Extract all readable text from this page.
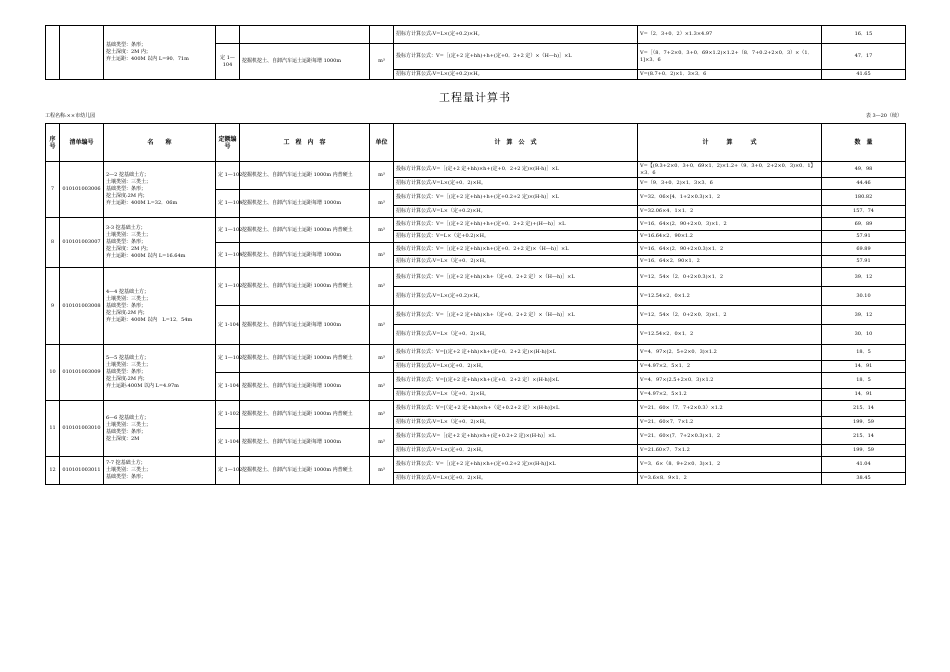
		基础类型：条形；
挖土深度：2M 内；
弃土运距：400M 以内 L=90．71m				招标方计算公式:V=L×(定+0.2)×H。	V=（2．3+0．2）×1.3×4.97	16．15
			定 1—104	挖掘机挖土、自卸汽车运土运距每增 1000m	m³	投标方计算公式：V=［(定+2 定+hh)+h+(定+0．2+2 定）×（H—h)］×L	V=［（8．7+2×0．3+0．69×1.2)×1.2+（8．7+0.2+2×0．3）×（1．1]×3．6	47．17
						招标方计算公式:V=L×(定+0.2)×H。	V=(8.7+0．2)×1．3×3．6	41.65
工程量计算书
工程名称:××市幼儿园	表 3—20（续）
序号	清单编号	名　　称	定额编号	工　程　内　容	单位	计　算　公　式	计　　　算　　　式	数　量
7	010101003006	2—2 挖基础土方；
土壤类别：三类土；
基础类型：条形；
挖土深度:2M 内；
弃土运距：400M L=32．06m	定 1—102	挖掘机挖土、自卸汽车运土运距 1000m 内普硬土	m³	投标方计算公式:V=［(定+2 定+hh)×h+(定+0．2+2 定)×(H-h)］×L	V=【(9.3+2×0．3+0．69×1．2)×1.2+（9．3+0．2+2×0．3)×0．1】×3．6	49．98
						招标方计算公式:V=L×(定+0．2)×H。	V=（9．3+0．2)×1．3×3．6	44.46
			定 1—104	挖掘机挖土、自卸汽车运土运距每增 1000m	m³	投标方计算公式：V=［(定+2 定+hh)+h+(定+0.2+2 定)×(H-h)］×L	V=32．06×[4．1+2×0.3)×1．2	180.82
						招标方计算公式:V=L×（定+0.2)×H。	V=32.06×4．1×1．2	157．74
8	010101003007	3-3 挖基础土方；
土壤类别：三类土；
基础类型：条形；
挖土深度：2M 内；
弃土运距：400M 以内 L=16.64m	定 1—102	挖掘机挖土、自卸汽车运土运距 1000m 内普硬土	m³	投标方计算公式：V=［(定+2 定+hh)+h+(定+0．2+2 定)+(H—h)］×L	V=16．64×(2．90+2×0．3)×1．2	69．89
						招标方计算公式：V=L×（定+0.2)×H。	V=16.64×2．90×1.2	57.91
			定 1—104	挖掘机挖土、自卸汽车运土运距每增 1000m	m³	投标方计算公式：V=［(定+2 定+hh)×h+(定+0．2+2 定)×（H—h)］×L	V=16．64×(2．90+2×0.3)×1．2	69.89
						招标方计算公式:V=L×（定+0．2)×H。	V=16．64×2．90×1．2	57.91
9	010101003008	4—4 挖基础土方；
土壤类别：三类土；
基础类型：条形；
挖土深度:2M 内；
弃土运距：400M 以内　L=12．54m	定 1—102	挖掘机挖土、自卸汽车运土运距 1000m 内普硬土	m³	投标方计算公式：V=［(定+2 定+hh)×h+（定+0．2+2 定）×（H—h)］×L	V=12．54×（2．0+2×0.3)×1．2	39．12
						招标方计算公式:V=L×(定+0.2)×H。	V=12.54×2．0×1.2	30.10
			定 1-104	挖掘机挖土、自卸汽车运土运距每增 1000m	m³	投标方计算公式：V=［(定+2 定+hh)×h+（定+0．2+2 定）×（H—h)］×L	V=12．54×（2．0+2×0．3)×1．2	39．12
						招标方计算公式:V=L×（定+0．2)×H。	V=12.54×2．0×1．2	30．10
10	010101003009	5—5 挖基础土方；
土壤类别：三类土；
基础类型：条形；
挖土深度:2M 内；
弃土运距:400M 以内 L=4.97m	定 1—102	挖掘机挖土、自卸汽车运土运距 1000m 内普硬土	m³	投标方计算公式：V=[(定+2 定+hh)×h+(定+0．2+2 定)×(H-h)]×L	V=4．97×(2．5+2×0．3)×1.2	18．5
						招标方计算公式:V=L×(定+0．2)×H。	V=4.97×2．5×1．2	14．91
			定 1-104	挖掘机挖土、自卸汽车运土运距每增 1000m	m³	投标方计算公式：V=[(定+2 定+hh)×h+(定+0．2+2 定）×(H-h)]×L	V=4．97×(2.5+2×0．3)×1.2	18．5
						招标方计算公式:V=L×（定+0．2)×H。	V=4.97×2．5×1.2	14．91
11	010101003010	6—6 挖基础土方；
土壤类别：三类土；
基础类型：条形；
挖土深度：2M	定 1-102	挖掘机挖土、自卸汽车运土运距 1000m 内普硬土	m³	投标方计算公式：V=[（定+2 定+hh)×h+（定+0.2+2 定）×(H-h)]×L	V=21．60×（7．7+2×0.3）×1.2	215．14
						招标方计算公式:V=L×（定+0．2)×H。	V=21．60×7．7×1.2	199．59
			定 1-104	挖掘机挖土、自卸汽车运土运距每增 1000m	m³	投标方计算公式:V=［(定+2 定+hh)×h+(定+0.2+2 定)×(H-h)］×L	V=21．60×(7．7+2×0.3)×1．2	215．14
						招标方计算公式:V=L×(定+0．2)×H。	V=21.60×7．7×1.2	199．59
12	010101003011	7-7 挖基础土方；
土壤类别：三类土；
基础类型：条形；	定 1—102	挖掘机挖土、自卸汽车运土运距 1000m 内普硬土	m³	投标方计算公式：V=［(定+2 定+hh)×h+(定+0.2+2 定)×(H-h)]×L	V=3．6×（8．9+2×0．3)×1．2	41.04
						招标方计算公式:V=L×(定+0．2)×H。	V=3.6×8．9×1．2	38.45
